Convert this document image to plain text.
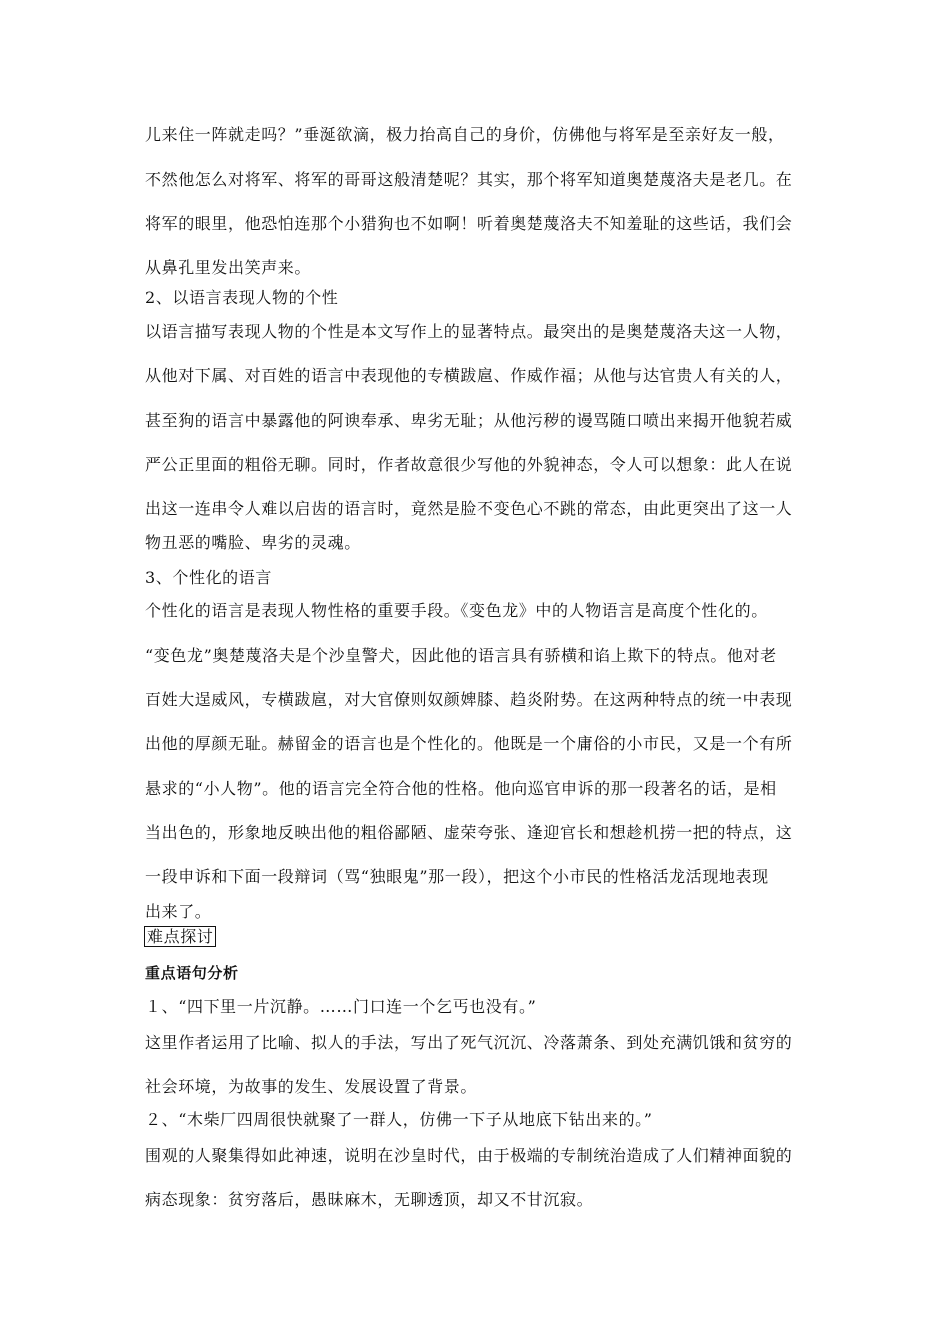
儿来住一阵就走吗？”垂涎欲滴，极力抬高自己的身价，仿佛他与将军是至亲好友一般，
不然他怎么对将军、将军的哥哥这般清楚呢？其实，那个将军知道奥楚蔑洛夫是老几。在
将军的眼里，他恐怕连那个小猎狗也不如啊！听着奥楚蔑洛夫不知羞耻的这些话，我们会
从鼻孔里发出笑声来。
2、以语言表现人物的个性
以语言描写表现人物的个性是本文写作上的显著特点。最突出的是奥楚蔑洛夫这一人物，
从他对下属、对百姓的语言中表现他的专横跋扈、作威作福；从他与达官贵人有关的人，
甚至狗的语言中暴露他的阿谀奉承、卑劣无耻；从他污秽的谩骂随口喷出来揭开他貌若威
严公正里面的粗俗无聊。同时，作者故意很少写他的外貌神态，令人可以想象：此人在说
出这一连串令人难以启齿的语言时，竟然是脸不变色心不跳的常态，由此更突出了这一人
物丑恶的嘴脸、卑劣的灵魂。
3、个性化的语言
个性化的语言是表现人物性格的重要手段。《变色龙》中的人物语言是高度个性化的。
“变色龙”奥楚蔑洛夫是个沙皇警犬，因此他的语言具有骄横和谄上欺下的特点。他对老
百姓大逞威风，专横跋扈，对大官僚则奴颜婢膝、趋炎附势。在这两种特点的统一中表现
出他的厚颜无耻。赫留金的语言也是个性化的。他既是一个庸俗的小市民，又是一个有所
悬求的“小人物”。他的语言完全符合他的性格。他向巡官申诉的那一段著名的话，是相
当出色的，形象地反映出他的粗俗鄙陋、虚荣夸张、逢迎官长和想趁机捞一把的特点，这
一段申诉和下面一段辩词（骂“独眼鬼”那一段），把这个小市民的性格活龙活现地表现
出来了。
难点探讨
重点语句分析
１、“四下里一片沉静。……门口连一个乞丐也没有。”
这里作者运用了比喻、拟人的手法，写出了死气沉沉、冷落萧条、到处充满饥饿和贫穷的
社会环境，为故事的发生、发展设置了背景。
２、“木柴厂四周很快就聚了一群人，仿佛一下子从地底下钻出来的。”
围观的人聚集得如此神速，说明在沙皇时代，由于极端的专制统治造成了人们精神面貌的
病态现象：贫穷落后，愚昧麻木，无聊透顶，却又不甘沉寂。
